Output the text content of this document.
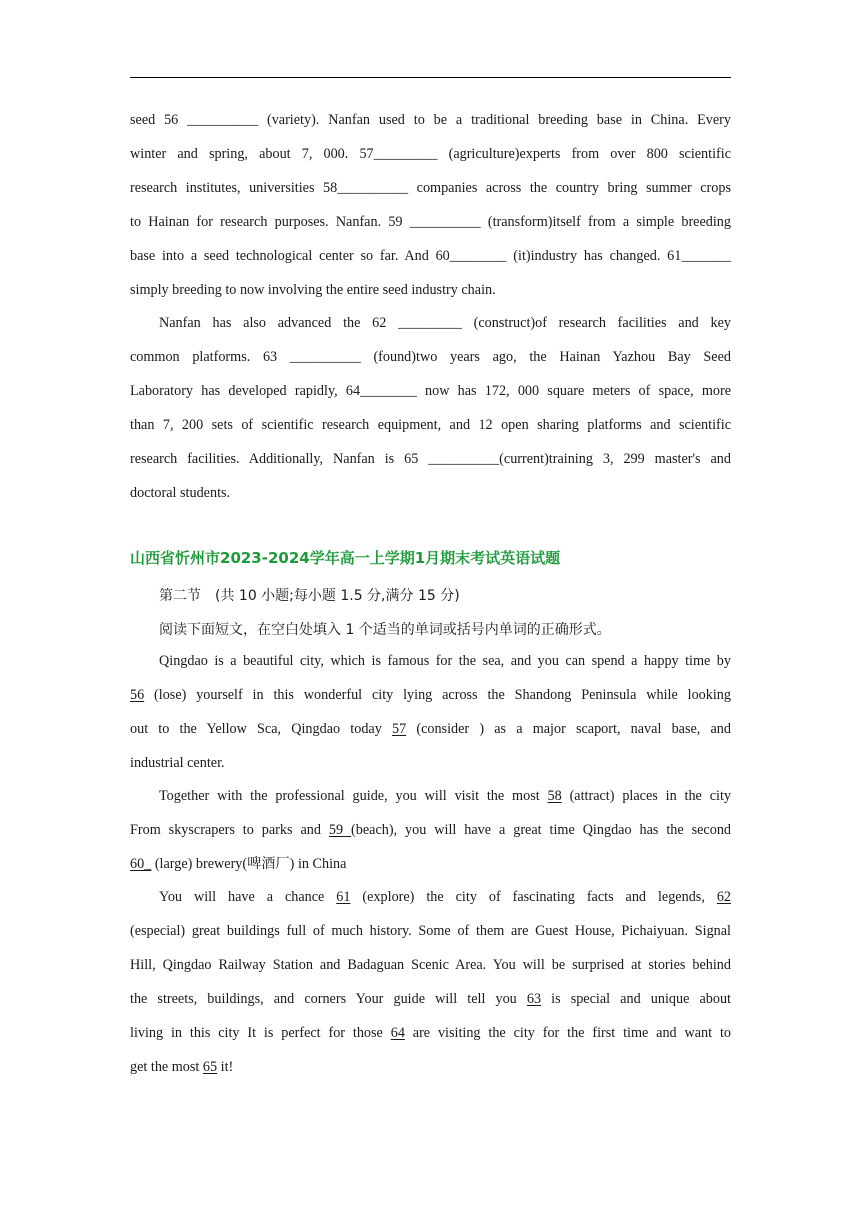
seed 56 __________ (variety). Nanfan used to be a traditional breeding base in China. Every
winter and spring, about 7, 000. 57_________ (agriculture)experts from over 800 scientific
research institutes, universities 58__________ companies across the country bring summer crops
to Hainan for research purposes. Nanfan. 59 __________ (transform)itself from a simple breeding
base into a seed technological center so far. And 60________ (it)industry has changed. 61_______
simply breeding to now involving the entire seed industry chain.
Nanfan has also advanced the 62 _________ (construct)of research facilities and key
common platforms. 63 __________ (found)two years ago, the Hainan Yazhou Bay Seed
Laboratory has developed rapidly, 64________ now has 172, 000 square meters of space, more
than 7, 200 sets of scientific research equipment, and 12 open sharing platforms and scientific
research facilities. Additionally, Nanfan is 65 __________(current)training 3, 299 master's and
doctoral students.
山西省忻州市2023-2024学年高一上学期1月期末考试英语试题

第二节　(共 10 小题;每小题 1.5 分,满分 15 分)

阅读下面短文，在空白处填入 1 个适当的单词或括号内单词的正确形式。

Qingdao is a beautiful city, which is famous for the sea, and you can spend a happy time by
56 (lose) yourself in this wonderful city lying across the Shandong Peninsula while looking
out to the Yellow Sca, Qingdao today 57 (consider ) as a major scaport, naval base, and
industrial center.
Together with the professional guide, you will visit the most 58 (attract) places in the city
From skyscrapers to parks and 59 (beach), you will have a great time Qingdao has the second
60_ (large) brewery(啤酒厂) in China
You will have a chance 61 (explore) the city of fascinating facts and legends, 62
(especial) great buildings full of much history. Some of them are Guest House, Pichaiyuan. Signal
Hill, Qingdao Railway Station and Badaguan Scenic Area. You will be surprised at stories behind
the streets, buildings, and corners Your guide will tell you 63 is special and unique about
living in this city It is perfect for those 64 are visiting the city for the first time and want to
get the most 65 it!
